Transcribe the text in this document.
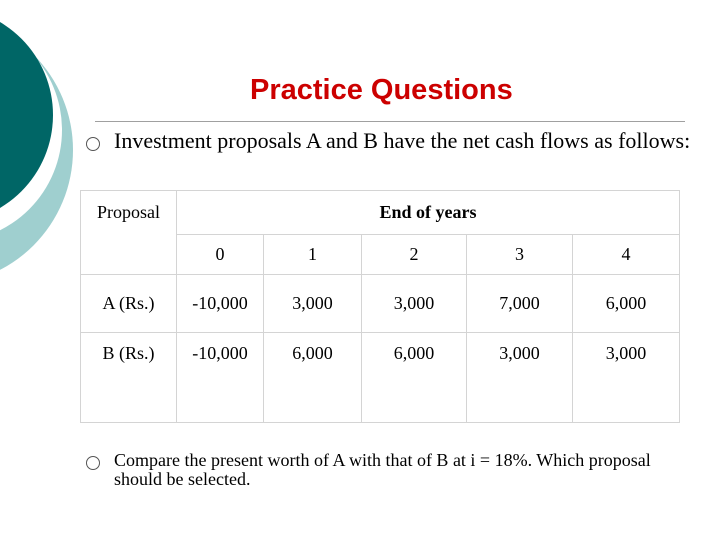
Practice Questions
Investment proposals A and B have the net cash flows as follows:
Proposal	End of years				
	0	1	2	3	4
A (Rs.)	-10,000	3,000	3,000	7,000	6,000
B (Rs.)	-10,000	6,000	6,000	3,000	3,000

Compare the present worth of A with that of B at i = 18%. Which proposal should be selected.
